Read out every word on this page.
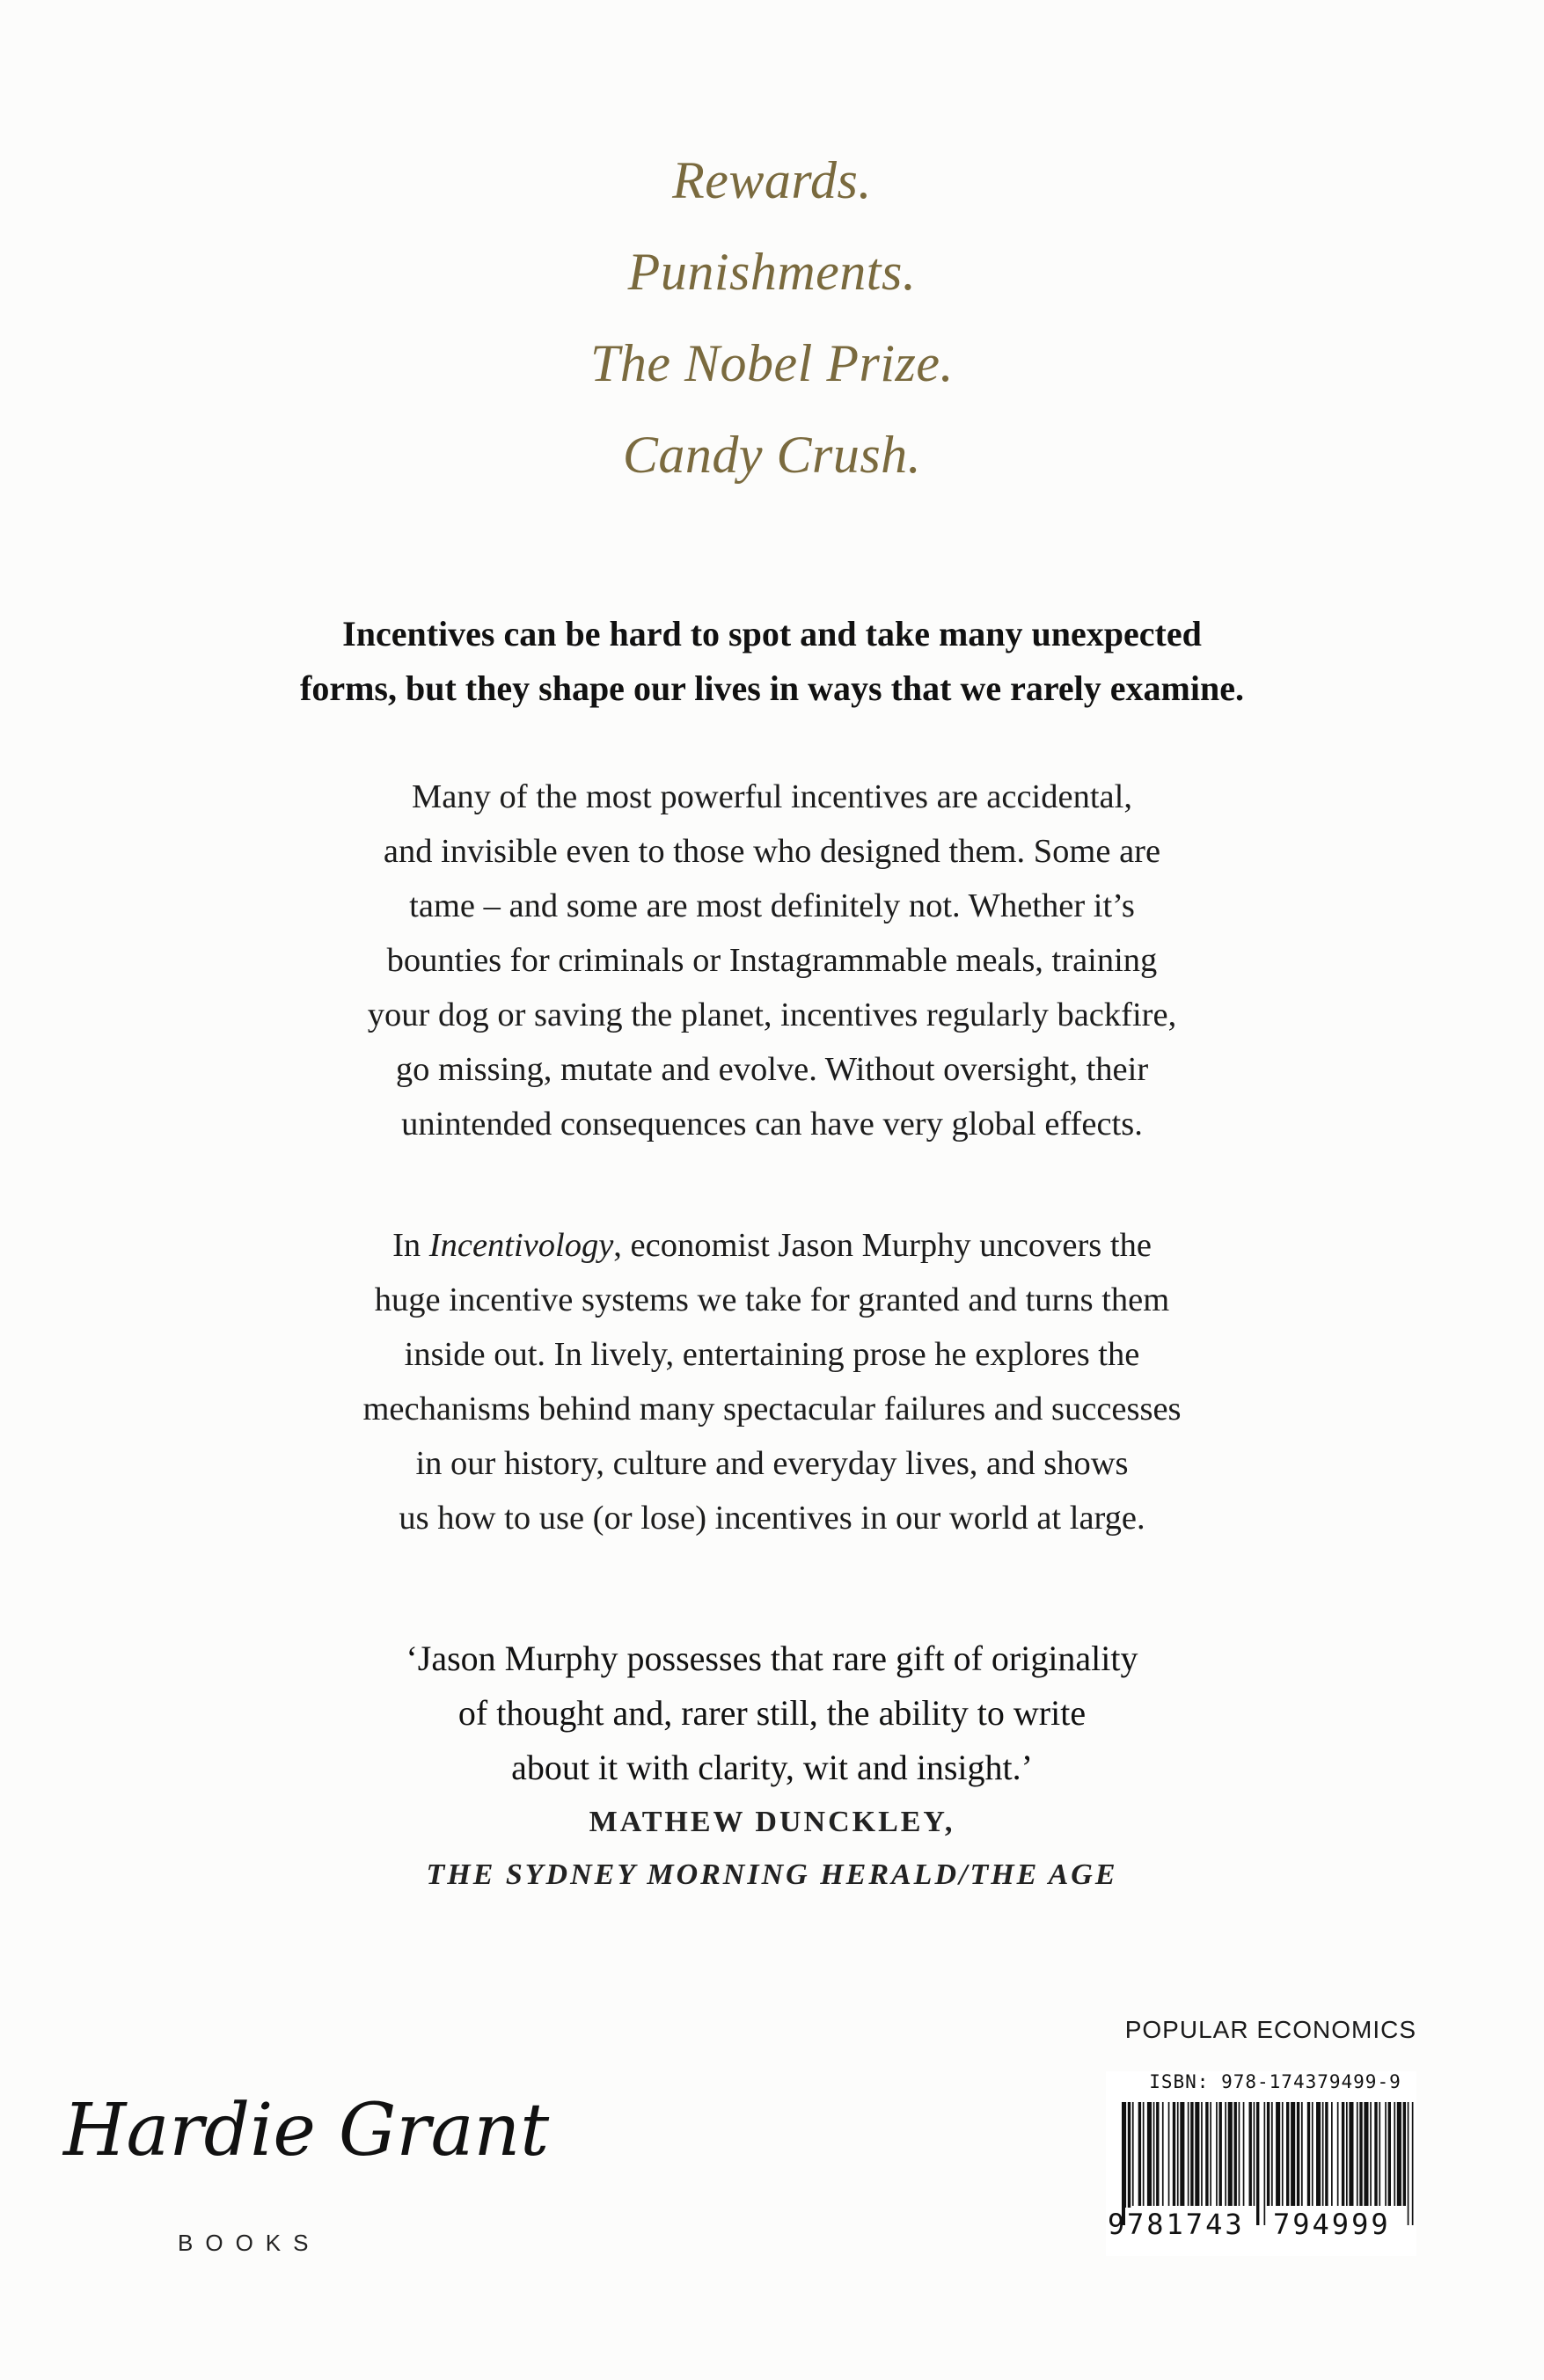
Rewards.

Punishments.

The Nobel Prize.

Candy Crush.

Incentives can be hard to spot and take many unexpected

forms, but they shape our lives in ways that we rarely examine.

Many of the most powerful incentives are accidental,

and invisible even to those who designed them. Some are

tame – and some are most definitely not. Whether it’s

bounties for criminals or Instagrammable meals, training

your dog or saving the planet, incentives regularly backfire,

go missing, mutate and evolve. Without oversight, their

unintended consequences can have very global effects.

In Incentivology, economist Jason Murphy uncovers the

huge incentive systems we take for granted and turns them

inside out. In lively, entertaining prose he explores the

mechanisms behind many spectacular failures and successes

in our history, culture and everyday lives, and shows

us how to use (or lose) incentives in our world at large.

‘Jason Murphy possesses that rare gift of originality

of thought and, rarer still, the ability to write

about it with clarity, wit and insight.’

MATHEW DUNCKLEY,
THE SYDNEY MORNING HERALD/THE AGE
POPULAR ECONOMICS
Hardie Grant
BOOKS
ISBN: 978-174379499-9
9 781743 794999
